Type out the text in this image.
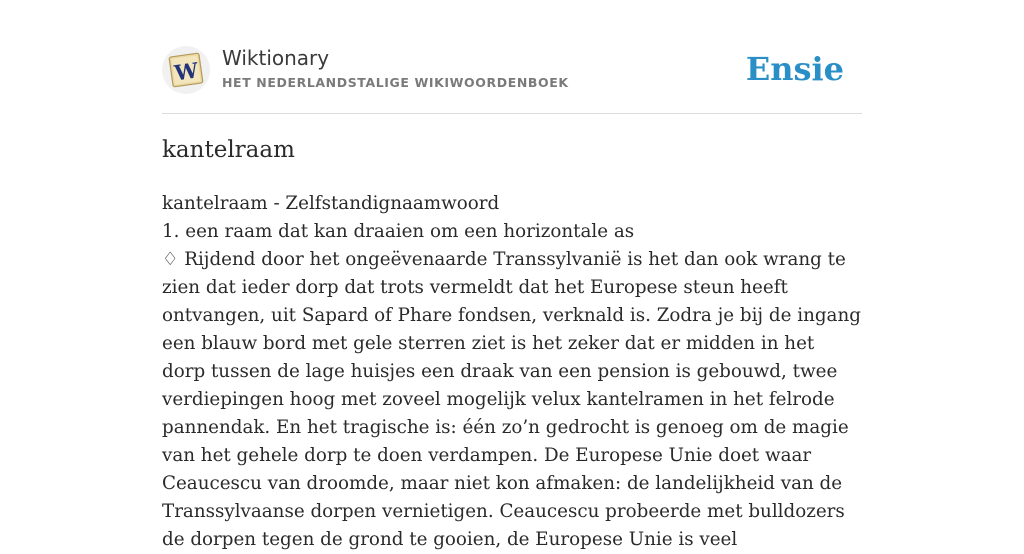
W Wiktionary
HET NEDERLANDSTALIGE WIKIWOORDENBOEK	Ensie
kantelraam

kantelraam - Zelfstandignaamwoord

1. een raam dat kan draaien om een horizontale as

♢ Rijdend door het ongeëvenaarde Transsylvanië is het dan ook wrang te zien dat ieder dorp dat trots vermeldt dat het Europese steun heeft ontvangen, uit Sapard of Phare fondsen, verknald is. Zodra je bij de ingang een blauw bord met gele sterren ziet is het zeker dat er midden in het dorp tussen de lage huisjes een draak van een pension is gebouwd, twee verdiepingen hoog met zoveel mogelijk velux kantelramen in het felrode pannendak. En het tragische is: één zo’n gedrocht is genoeg om de magie van het gehele dorp te doen verdampen. De Europese Unie doet waar Ceaucescu van droomde, maar niet kon afmaken: de landelijkheid van de Transsylvaanse dorpen vernietigen. Ceaucescu probeerde met bulldozers de dorpen tegen de grond te gooien, de Europese Unie is veel
